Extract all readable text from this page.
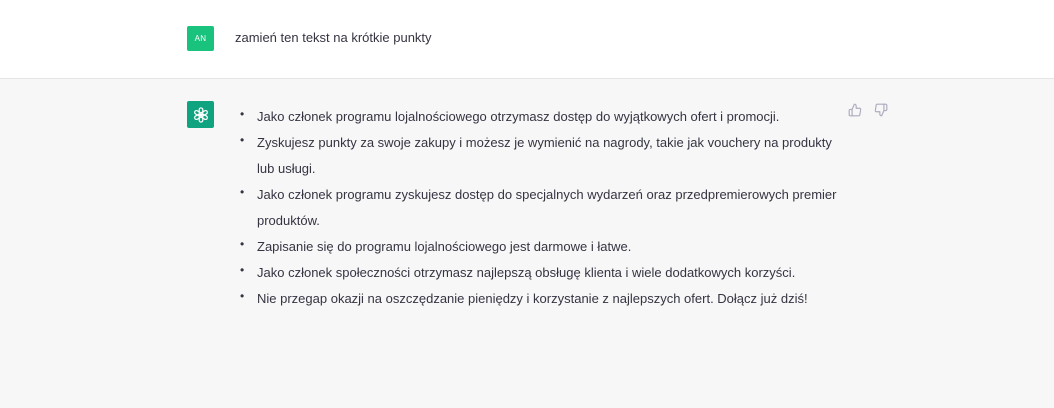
AN	zamień ten tekst na krótkie punkty
• Jako członek programu lojalnościowego otrzymasz dostęp do wyjątkowych ofert i promocji.
• Zyskujesz punkty za swoje zakupy i możesz je wymienić na nagrody, takie jak vouchery na produkty lub usługi.
• Jako członek programu zyskujesz dostęp do specjalnych wydarzeń oraz przedpremierowych premier produktów.
• Zapisanie się do programu lojalnościowego jest darmowe i łatwe.
• Jako członek społeczności otrzymasz najlepszą obsługę klienta i wiele dodatkowych korzyści.
• Nie przegap okazji na oszczędzanie pieniędzy i korzystanie z najlepszych ofert. Dołącz już dziś!
